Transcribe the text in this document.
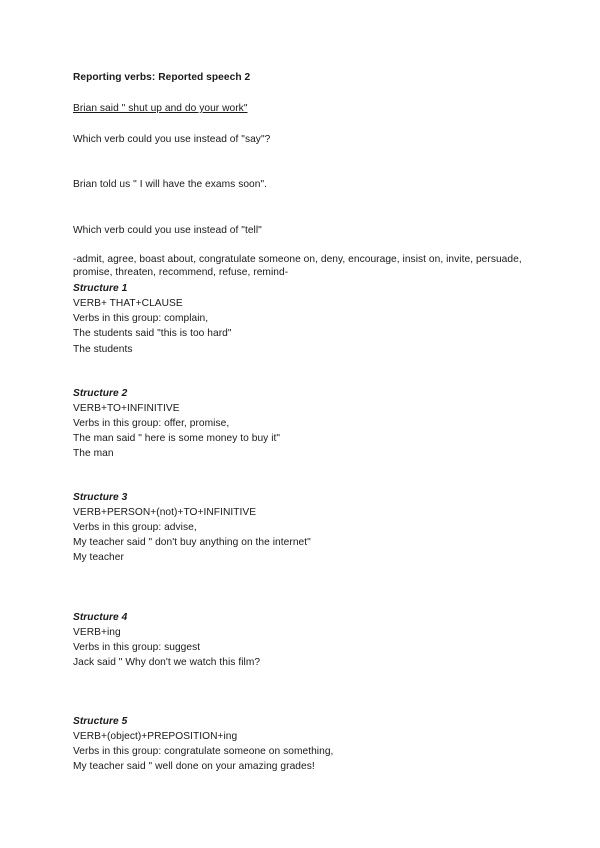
Reporting verbs: Reported speech 2
Brian said " shut up and do your work"
Which verb could you use instead of "say"?
Brian told us " I will have the exams soon".
Which verb could you use instead of "tell"
-admit, agree, boast about, congratulate someone on, deny, encourage, insist on, invite, persuade, promise, threaten, recommend, refuse, remind-
Structure 1
VERB+ THAT+CLAUSE
Verbs in this group: complain,
The students said "this is too hard"
The students
Structure 2
VERB+TO+INFINITIVE
Verbs in this group: offer, promise,
The man said " here is some money to buy it"
The man
Structure 3
VERB+PERSON+(not)+TO+INFINITIVE
Verbs in this group: advise,
My teacher said " don't buy anything on the internet"
My teacher
Structure 4
VERB+ing
Verbs in this group: suggest
Jack said " Why don't we watch this film?
Structure 5
VERB+(object)+PREPOSITION+ing
Verbs in this group: congratulate someone on something,
My teacher said " well done on your amazing grades!
